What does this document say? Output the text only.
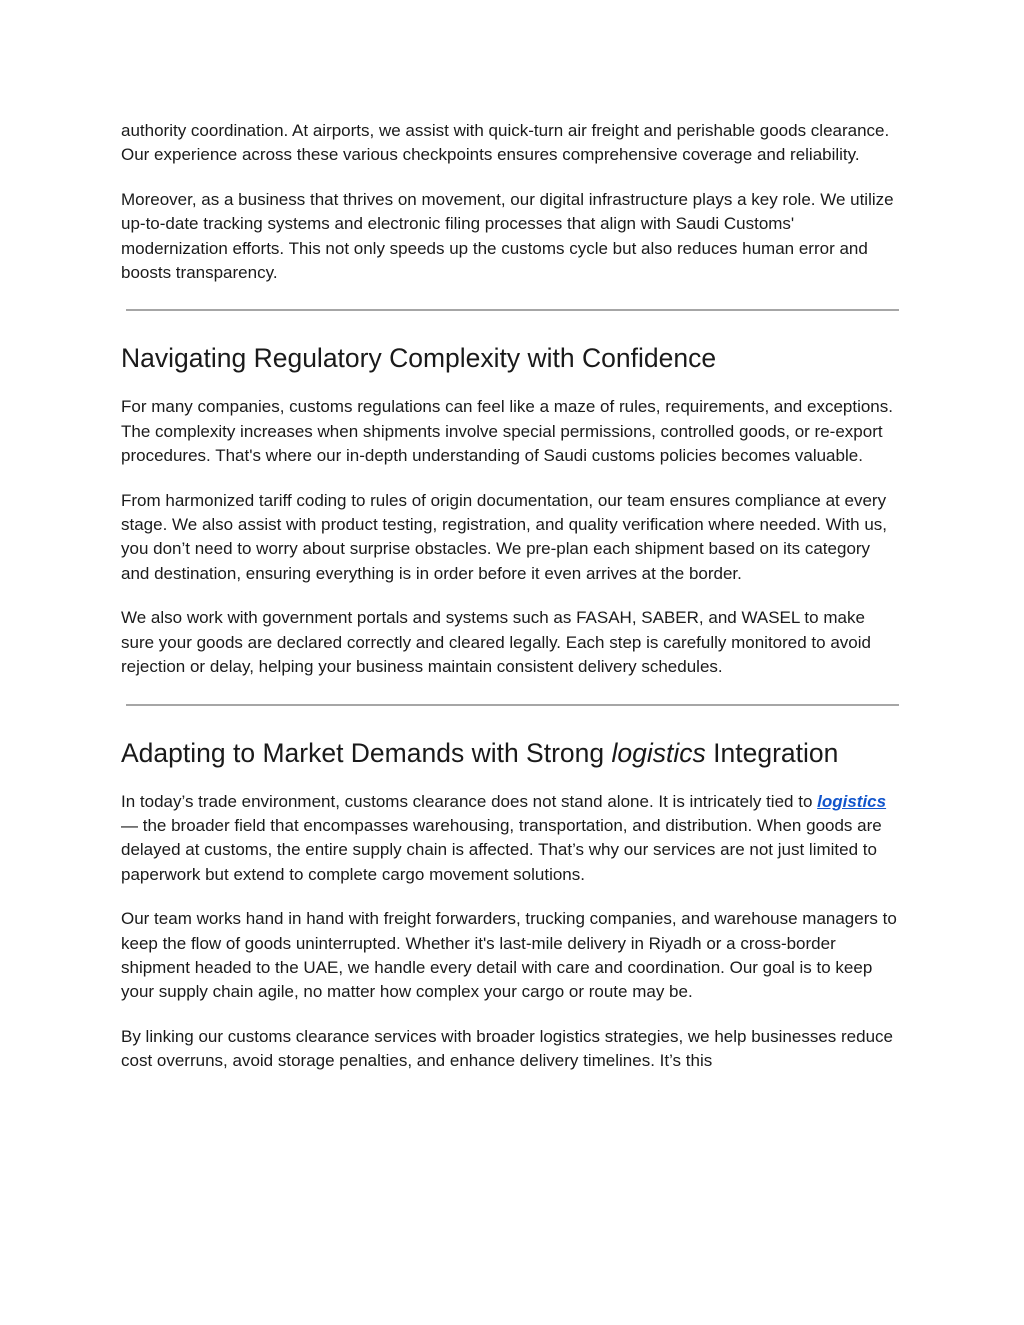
authority coordination. At airports, we assist with quick-turn air freight and perishable goods clearance. Our experience across these various checkpoints ensures comprehensive coverage and reliability.

Moreover, as a business that thrives on movement, our digital infrastructure plays a key role. We utilize up-to-date tracking systems and electronic filing processes that align with Saudi Customs' modernization efforts. This not only speeds up the customs cycle but also reduces human error and boosts transparency.

Navigating Regulatory Complexity with Confidence

For many companies, customs regulations can feel like a maze of rules, requirements, and exceptions. The complexity increases when shipments involve special permissions, controlled goods, or re-export procedures. That's where our in-depth understanding of Saudi customs policies becomes valuable.

From harmonized tariff coding to rules of origin documentation, our team ensures compliance at every stage. We also assist with product testing, registration, and quality verification where needed. With us, you don’t need to worry about surprise obstacles. We pre-plan each shipment based on its category and destination, ensuring everything is in order before it even arrives at the border.

We also work with government portals and systems such as FASAH, SABER, and WASEL to make sure your goods are declared correctly and cleared legally. Each step is carefully monitored to avoid rejection or delay, helping your business maintain consistent delivery schedules.

Adapting to Market Demands with Strong logistics Integration

In today’s trade environment, customs clearance does not stand alone. It is intricately tied to logistics — the broader field that encompasses warehousing, transportation, and distribution. When goods are delayed at customs, the entire supply chain is affected. That’s why our services are not just limited to paperwork but extend to complete cargo movement solutions.

Our team works hand in hand with freight forwarders, trucking companies, and warehouse managers to keep the flow of goods uninterrupted. Whether it's last-mile delivery in Riyadh or a cross-border shipment headed to the UAE, we handle every detail with care and coordination. Our goal is to keep your supply chain agile, no matter how complex your cargo or route may be.

By linking our customs clearance services with broader logistics strategies, we help businesses reduce cost overruns, avoid storage penalties, and enhance delivery timelines. It’s this
